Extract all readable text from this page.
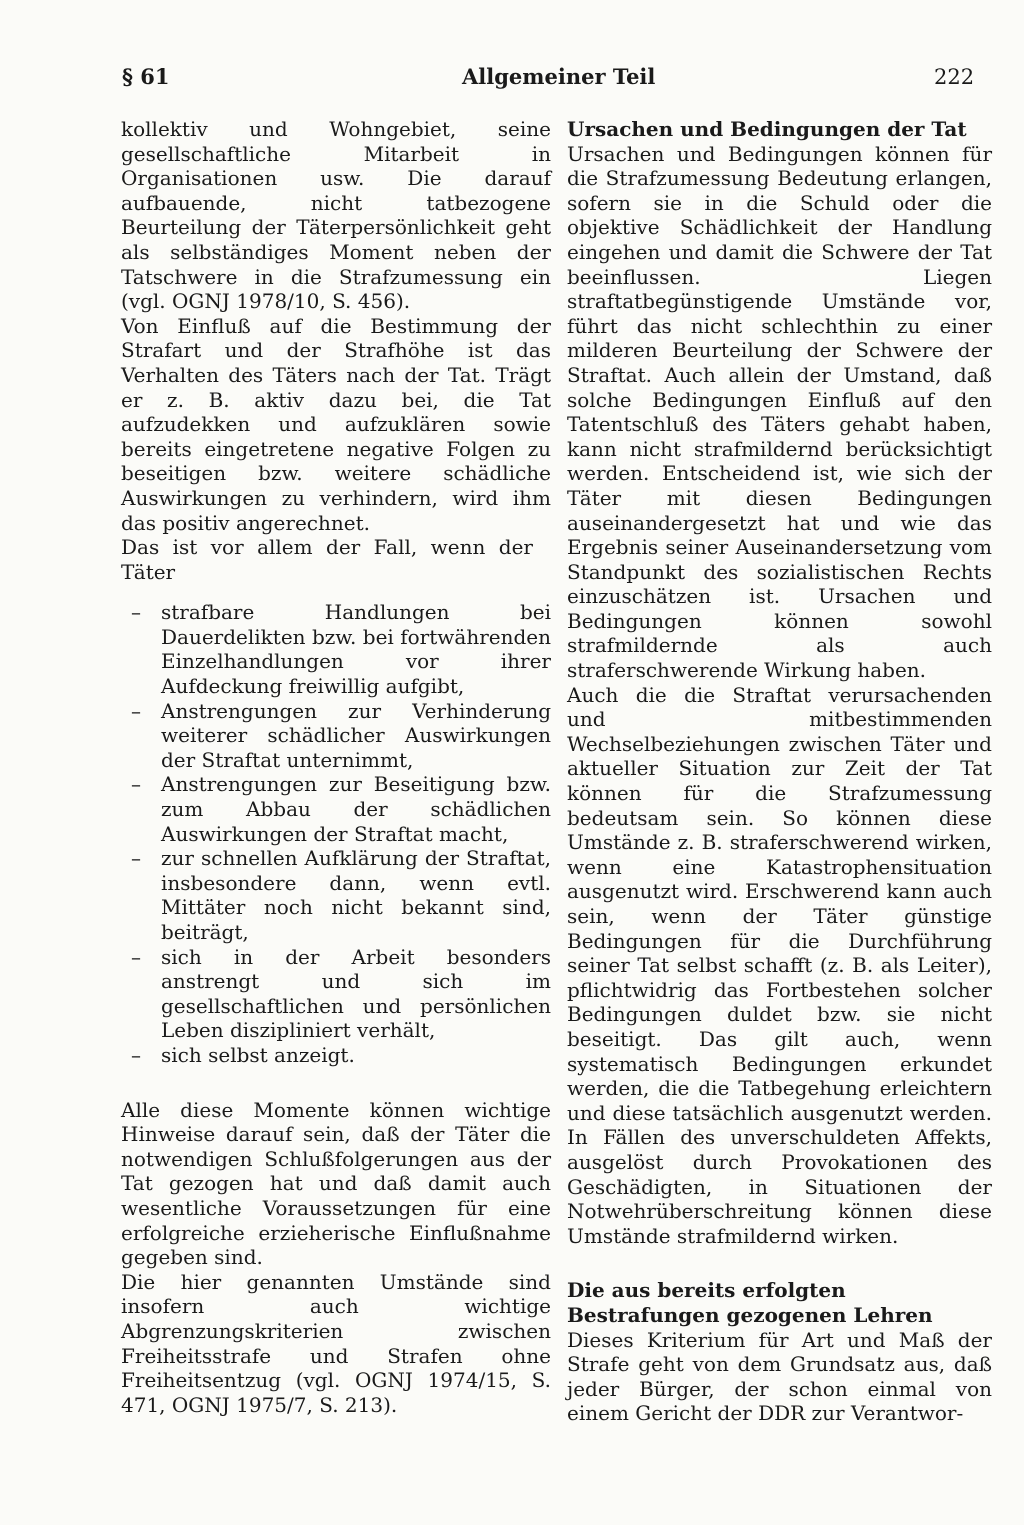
§ 61	Allgemeiner Teil	222

kollektiv und Wohngebiet, seine gesellschaftliche Mitarbeit in Organisationen usw. Die darauf aufbauende, nicht tatbezogene Beurteilung der Täterpersönlichkeit geht als selbständiges Moment neben der Tatschwere in die Strafzumessung ein (vgl. OGNJ 1978/10, S. 456).

Von Einfluß auf die Bestimmung der Strafart und der Strafhöhe ist das Verhalten des Täters nach der Tat. Trägt er z. B. aktiv dazu bei, die Tat aufzudekken und aufzuklären sowie bereits eingetretene negative Folgen zu beseitigen bzw. weitere schädliche Auswirkungen zu verhindern, wird ihm das positiv angerechnet.

Das ist vor allem der Fall, wenn der Täter

– strafbare Handlungen bei Dauerdelikten bzw. bei fortwährenden Einzelhandlungen vor ihrer Aufdeckung freiwillig aufgibt,
– Anstrengungen zur Verhinderung weiterer schädlicher Auswirkungen der Straftat unternimmt,
– Anstrengungen zur Beseitigung bzw. zum Abbau der schädlichen Auswirkungen der Straftat macht,
– zur schnellen Aufklärung der Straftat, insbesondere dann, wenn evtl. Mittäter noch nicht bekannt sind, beiträgt,
– sich in der Arbeit besonders anstrengt und sich im gesellschaftlichen und persönlichen Leben diszipliniert verhält,
– sich selbst anzeigt.

Alle diese Momente können wichtige Hinweise darauf sein, daß der Täter die notwendigen Schlußfolgerungen aus der Tat gezogen hat und daß damit auch wesentliche Voraussetzungen für eine erfolgreiche erzieherische Einflußnahme gegeben sind.

Die hier genannten Umstände sind insofern auch wichtige Abgrenzungskriterien zwischen Freiheitsstrafe und Strafen ohne Freiheitsentzug (vgl. OGNJ 1974/15, S. 471, OGNJ 1975/7, S. 213).

Ursachen und Bedingungen der Tat

Ursachen und Bedingungen können für die Strafzumessung Bedeutung erlangen, sofern sie in die Schuld oder die objektive Schädlichkeit der Handlung eingehen und damit die Schwere der Tat beeinflussen. Liegen straftatbegünstigende Umstände vor, führt das nicht schlechthin zu einer milderen Beurteilung der Schwere der Straftat. Auch allein der Umstand, daß solche Bedingungen Einfluß auf den Tatentschluß des Täters gehabt haben, kann nicht strafmildernd berücksichtigt werden. Entscheidend ist, wie sich der Täter mit diesen Bedingungen auseinandergesetzt hat und wie das Ergebnis seiner Auseinandersetzung vom Standpunkt des sozialistischen Rechts einzuschätzen ist. Ursachen und Bedingungen können sowohl strafmildernde als auch straferschwerende Wirkung haben.

Auch die die Straftat verursachenden und mitbestimmenden Wechselbeziehungen zwischen Täter und aktueller Situation zur Zeit der Tat können für die Strafzumessung bedeutsam sein. So können diese Umstände z. B. straferschwerend wirken, wenn eine Katastrophensituation ausgenutzt wird. Erschwerend kann auch sein, wenn der Täter günstige Bedingungen für die Durchführung seiner Tat selbst schafft (z. B. als Leiter), pflichtwidrig das Fortbestehen solcher Bedingungen duldet bzw. sie nicht beseitigt. Das gilt auch, wenn systematisch Bedingungen erkundet werden, die die Tatbegehung erleichtern und diese tatsächlich ausgenutzt werden. In Fällen des unverschuldeten Affekts, ausgelöst durch Provokationen des Geschädigten, in Situationen der Notwehrüberschreitung können diese Umstände strafmildernd wirken.

Die aus bereits erfolgten Bestrafungen gezogenen Lehren

Dieses Kriterium für Art und Maß der Strafe geht von dem Grundsatz aus, daß jeder Bürger, der schon einmal von einem Gericht der DDR zur Verantwor-
